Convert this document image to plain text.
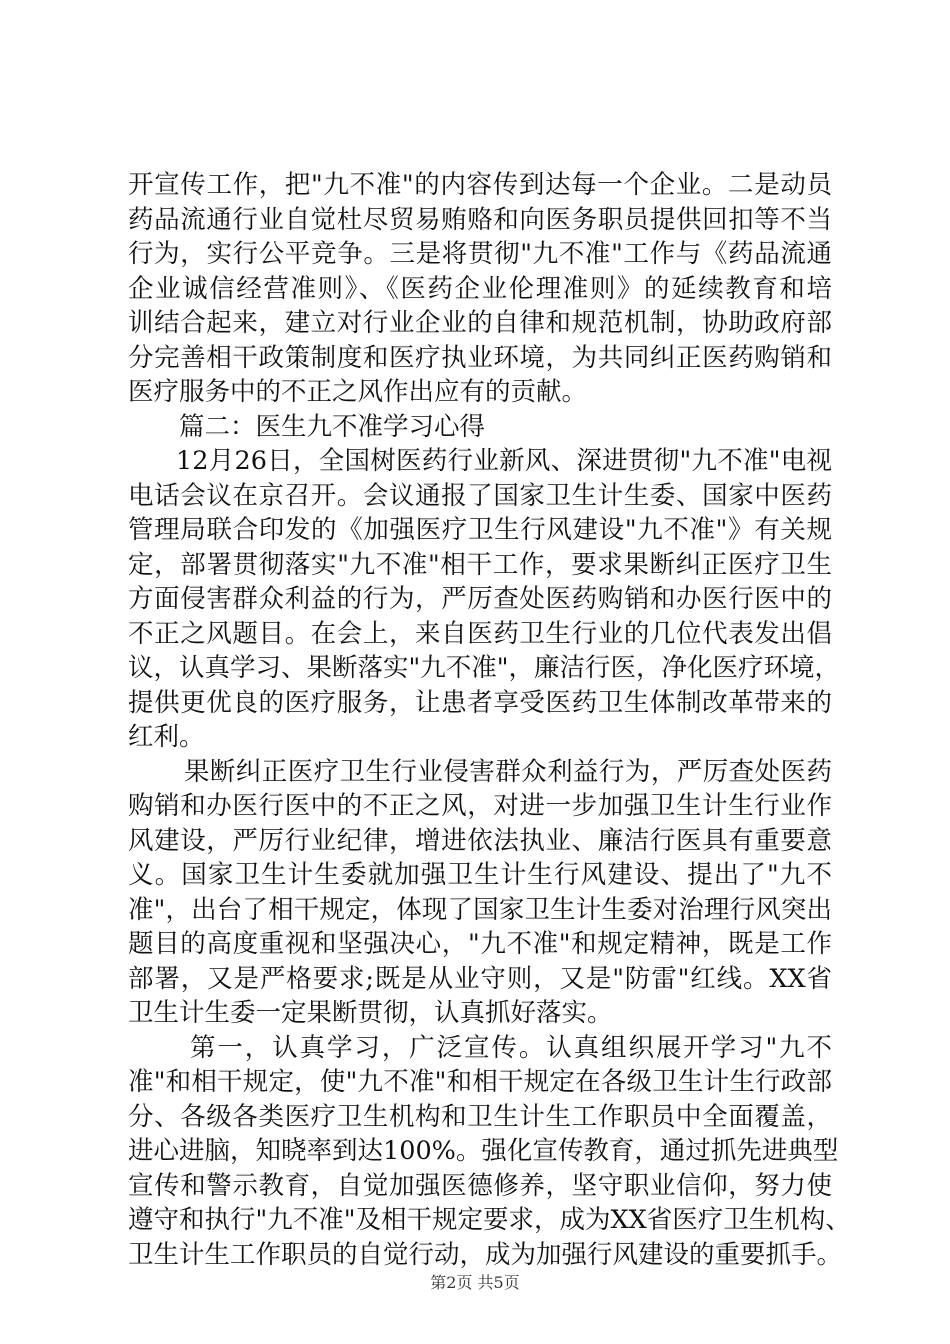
开宣传工作，把"九不准"的内容传到达每一个企业。二是动员
药品流通行业自觉杜尽贸易贿赂和向医务职员提供回扣等不当
行为，实行公平竞争。三是将贯彻"九不准"工作与《药品流通
企业诚信经营准则》、《医药企业伦理准则》的延续教育和培
训结合起来，建立对行业企业的自律和规范机制，协助政府部
分完善相干政策制度和医疗执业环境，为共同纠正医药购销和
医疗服务中的不正之风作出应有的贡献。
篇二：医生九不准学习心得
12月26日，全国树医药行业新风、深进贯彻"九不准"电视
电话会议在京召开。会议通报了国家卫生计生委、国家中医药
管理局联合印发的《加强医疗卫生行风建设"九不准"》有关规
定，部署贯彻落实"九不准"相干工作，要求果断纠正医疗卫生
方面侵害群众利益的行为，严厉查处医药购销和办医行医中的
不正之风题目。在会上，来自医药卫生行业的几位代表发出倡
议，认真学习、果断落实"九不准"，廉洁行医，净化医疗环境，
提供更优良的医疗服务，让患者享受医药卫生体制改革带来的
红利。
果断纠正医疗卫生行业侵害群众利益行为，严厉查处医药
购销和办医行医中的不正之风，对进一步加强卫生计生行业作
风建设，严厉行业纪律，增进依法执业、廉洁行医具有重要意
义。国家卫生计生委就加强卫生计生行风建设、提出了"九不
准"，出台了相干规定，体现了国家卫生计生委对治理行风突出
题目的高度重视和坚强决心，"九不准"和规定精神，既是工作
部署，又是严格要求;既是从业守则，又是"防雷"红线。XX省
卫生计生委一定果断贯彻，认真抓好落实。
第一，认真学习，广泛宣传。认真组织展开学习"九不
准"和相干规定，使"九不准"和相干规定在各级卫生计生行政部
分、各级各类医疗卫生机构和卫生计生工作职员中全面覆盖，
进心进脑，知晓率到达100%。强化宣传教育，通过抓先进典型
宣传和警示教育，自觉加强医德修养，坚守职业信仰，努力使
遵守和执行"九不准"及相干规定要求，成为XX省医疗卫生机构、
卫生计生工作职员的自觉行动，成为加强行风建设的重要抓手。
第2页 共5页
